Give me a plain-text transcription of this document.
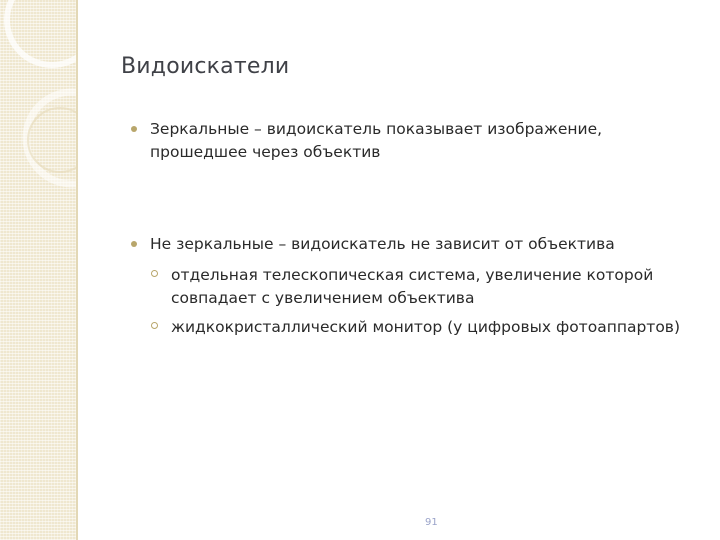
Видоискатели
Зеркальные – видоискатель показывает изображение, прошедшее через объектив
Не зеркальные – видоискатель не зависит от объектива
отдельная телескопическая система, увеличение которой совпадает с увеличением объектива
жидкокристаллический монитор (у цифровых фотоаппартов)
91
